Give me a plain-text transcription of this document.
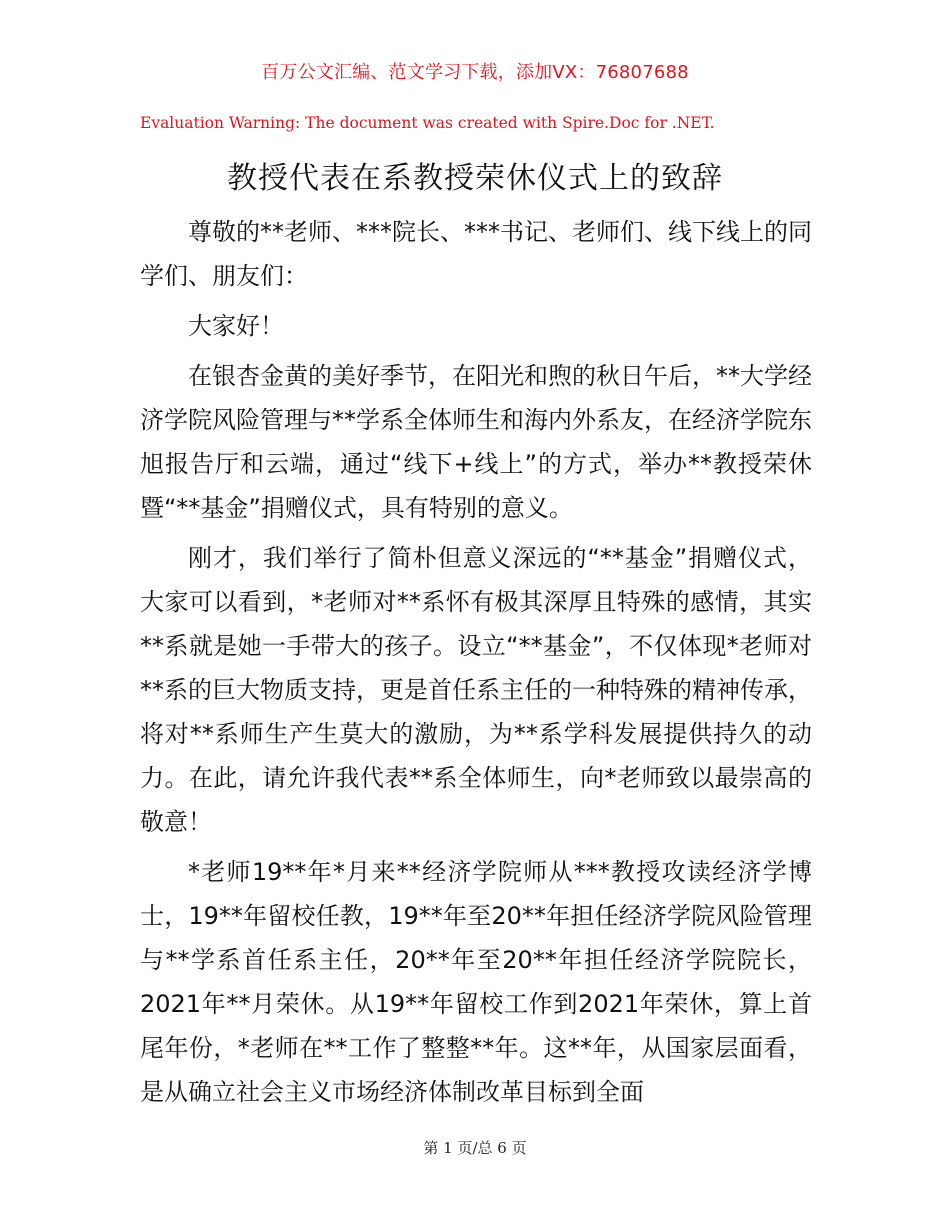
百万公文汇编、范文学习下载，添加VX：76807688
Evaluation Warning: The document was created with Spire.Doc for .NET.
教授代表在系教授荣休仪式上的致辞

尊敬的**老师、***院长、***书记、老师们、线下线上的同学们、朋友们：

大家好！

在银杏金黄的美好季节，在阳光和煦的秋日午后，**大学经济学院风险管理与**学系全体师生和海内外系友，在经济学院东旭报告厅和云端，通过“线下+线上”的方式，举办**教授荣休暨“**基金”捐赠仪式，具有特别的意义。

刚才，我们举行了简朴但意义深远的“**基金”捐赠仪式，大家可以看到，*老师对**系怀有极其深厚且特殊的感情，其实**系就是她一手带大的孩子。设立“**基金”，不仅体现*老师对**系的巨大物质支持，更是首任系主任的一种特殊的精神传承，将对**系师生产生莫大的激励，为**系学科发展提供持久的动力。在此，请允许我代表**系全体师生，向*老师致以最崇高的敬意！

*老师19**年*月来**经济学院师从***教授攻读经济学博士，19**年留校任教，19**年至20**年担任经济学院风险管理与**学系首任系主任，20**年至20**年担任经济学院院长，2021年**月荣休。从19**年留校工作到2021年荣休，算上首尾年份，*老师在**工作了整整**年。这**年，从国家层面看，是从确立社会主义市场经济体制改革目标到全面

第 1 页/总 6 页
